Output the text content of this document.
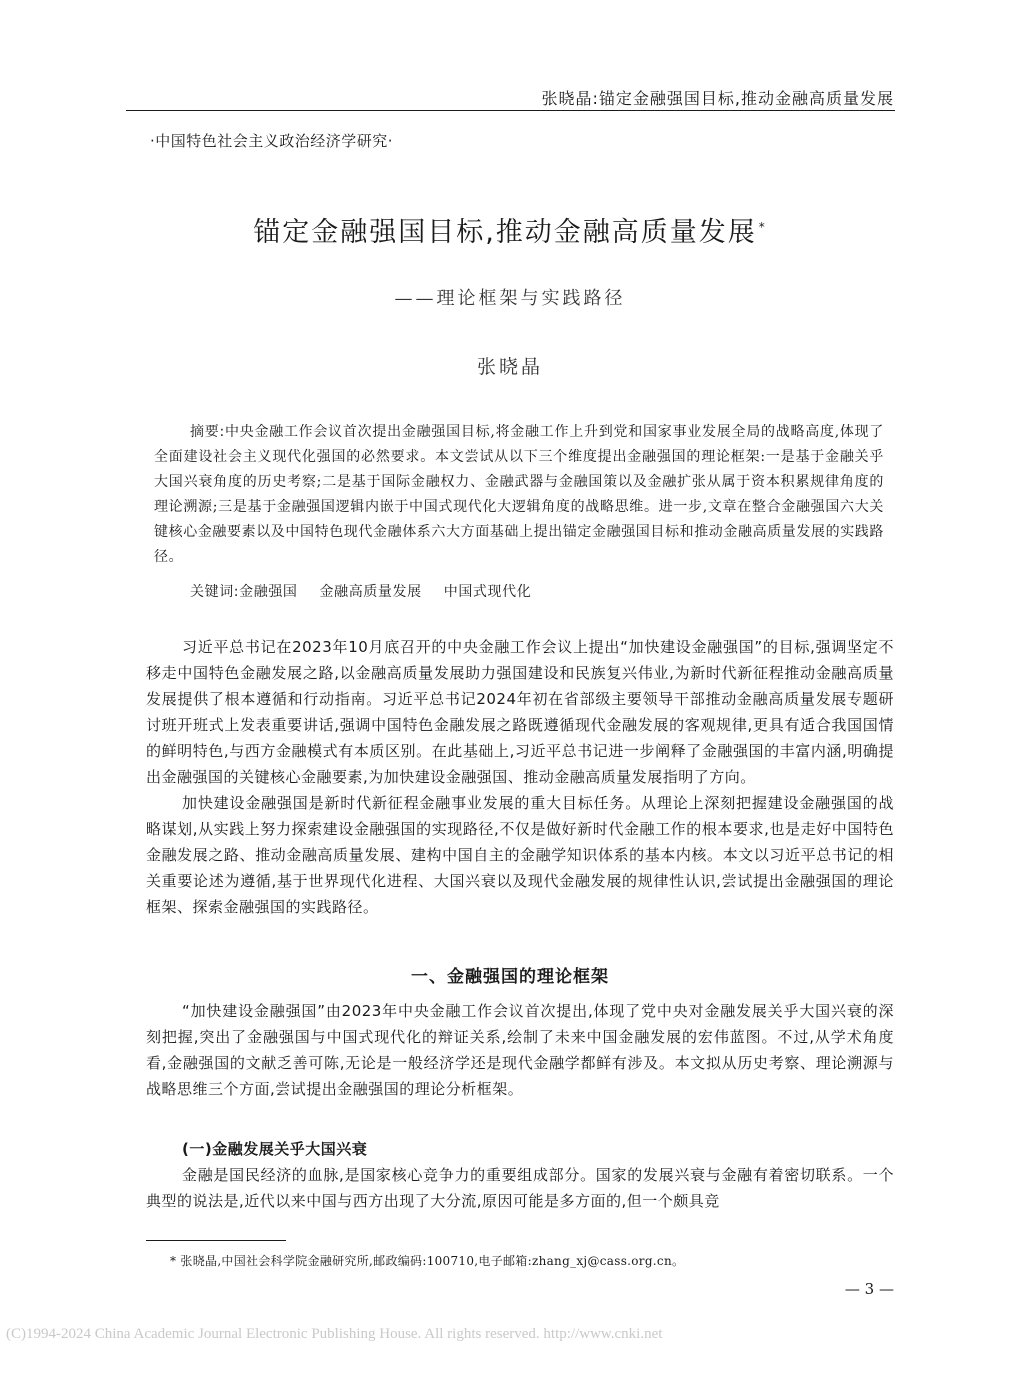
张晓晶:锚定金融强国目标,推动金融高质量发展
·中国特色社会主义政治经济学研究·
锚定金融强国目标,推动金融高质量发展 *
——理论框架与实践路径
张晓晶
摘要:中央金融工作会议首次提出金融强国目标,将金融工作上升到党和国家事业发展全局的战略高度,体现了全面建设社会主义现代化强国的必然要求。本文尝试从以下三个维度提出金融强国的理论框架:一是基于金融关乎大国兴衰角度的历史考察;二是基于国际金融权力、金融武器与金融国策以及金融扩张从属于资本积累规律角度的理论溯源;三是基于金融强国逻辑内嵌于中国式现代化大逻辑角度的战略思维。进一步,文章在整合金融强国六大关键核心金融要素以及中国特色现代金融体系六大方面基础上提出锚定金融强国目标和推动金融高质量发展的实践路径。
关键词:金融强国 金融高质量发展 中国式现代化

习近平总书记在2023年10月底召开的中央金融工作会议上提出“加快建设金融强国”的目标,强调坚定不移走中国特色金融发展之路,以金融高质量发展助力强国建设和民族复兴伟业,为新时代新征程推动金融高质量发展提供了根本遵循和行动指南。习近平总书记2024年初在省部级主要领导干部推动金融高质量发展专题研讨班开班式上发表重要讲话,强调中国特色金融发展之路既遵循现代金融发展的客观规律,更具有适合我国国情的鲜明特色,与西方金融模式有本质区别。在此基础上,习近平总书记进一步阐释了金融强国的丰富内涵,明确提出金融强国的关键核心金融要素,为加快建设金融强国、推动金融高质量发展指明了方向。

加快建设金融强国是新时代新征程金融事业发展的重大目标任务。从理论上深刻把握建设金融强国的战略谋划,从实践上努力探索建设金融强国的实现路径,不仅是做好新时代金融工作的根本要求,也是走好中国特色金融发展之路、推动金融高质量发展、建构中国自主的金融学知识体系的基本内核。本文以习近平总书记的相关重要论述为遵循,基于世界现代化进程、大国兴衰以及现代金融发展的规律性认识,尝试提出金融强国的理论框架、探索金融强国的实践路径。

一、金融强国的理论框架

“加快建设金融强国”由2023年中央金融工作会议首次提出,体现了党中央对金融发展关乎大国兴衰的深刻把握,突出了金融强国与中国式现代化的辩证关系,绘制了未来中国金融发展的宏伟蓝图。不过,从学术角度看,金融强国的文献乏善可陈,无论是一般经济学还是现代金融学都鲜有涉及。本文拟从历史考察、理论溯源与战略思维三个方面,尝试提出金融强国的理论分析框架。

(一)金融发展关乎大国兴衰

金融是国民经济的血脉,是国家核心竞争力的重要组成部分。国家的发展兴衰与金融有着密切联系。一个典型的说法是,近代以来中国与西方出现了大分流,原因可能是多方面的,但一个颇具竞

* 张晓晶,中国社会科学院金融研究所,邮政编码:100710,电子邮箱:zhang_xj@cass.org.cn。
— 3 —
(C)1994-2024 China Academic Journal Electronic Publishing House. All rights reserved. http://www.cnki.net
